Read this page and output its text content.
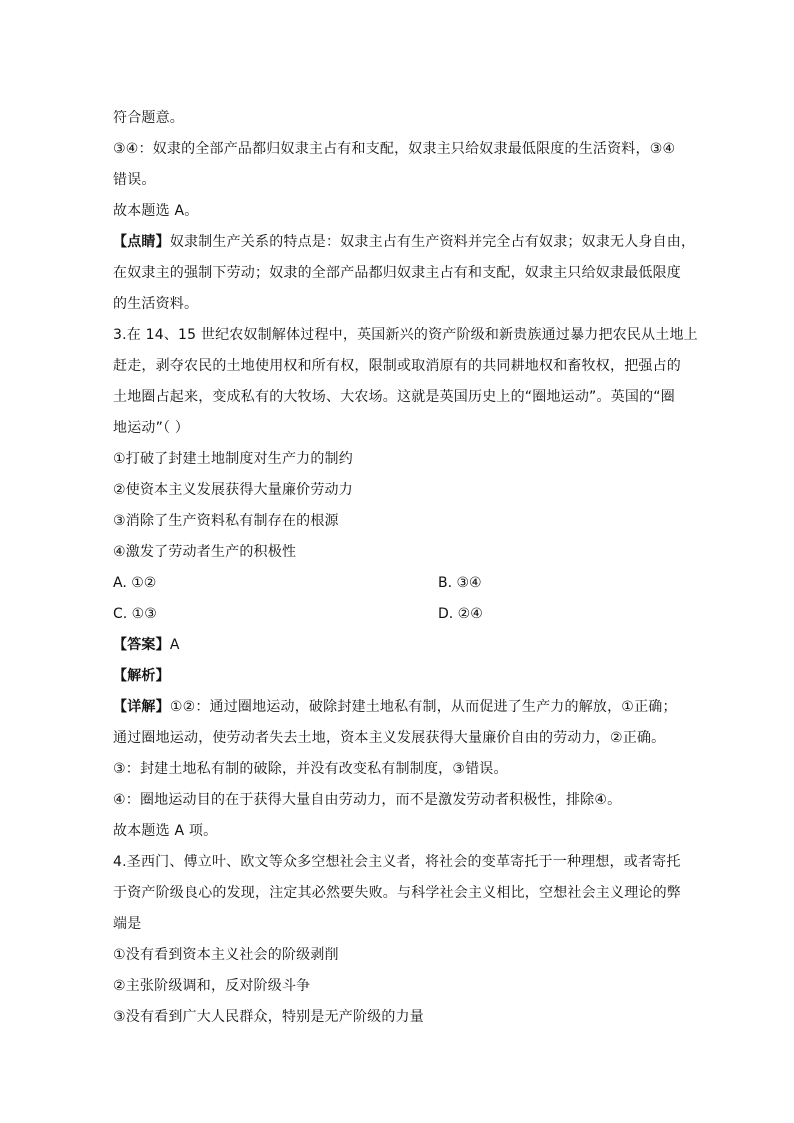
符合题意。
③④：奴隶的全部产品都归奴隶主占有和支配，奴隶主只给奴隶最低限度的生活资料，③④
错误。
故本题选 A。
【点睛】奴隶制生产关系的特点是：奴隶主占有生产资料并完全占有奴隶；奴隶无人身自由，
在奴隶主的强制下劳动；奴隶的全部产品都归奴隶主占有和支配，奴隶主只给奴隶最低限度
的生活资料。
3.在 14、15 世纪农奴制解体过程中，英国新兴的资产阶级和新贵族通过暴力把农民从土地上
赶走，剥夺农民的土地使用权和所有权，限制或取消原有的共同耕地权和畜牧权，把强占的
土地圈占起来，变成私有的大牧场、大农场。这就是英国历史上的“圈地运动”。英国的“圈
地运动”（ ）
①打破了封建土地制度对生产力的制约
②使资本主义发展获得大量廉价劳动力
③消除了生产资料私有制存在的根源
④激发了劳动者生产的积极性
A. ①②	B. ③④
C. ①③	D. ②④
【答案】A
【解析】
【详解】①②：通过圈地运动，破除封建土地私有制，从而促进了生产力的解放，①正确；
通过圈地运动，使劳动者失去土地，资本主义发展获得大量廉价自由的劳动力，②正确。
③：封建土地私有制的破除，并没有改变私有制制度，③错误。
④：圈地运动目的在于获得大量自由劳动力，而不是激发劳动者积极性，排除④。
故本题选 A 项。
4.圣西门、傅立叶、欧文等众多空想社会主义者，将社会的变革寄托于一种理想，或者寄托
于资产阶级良心的发现，注定其必然要失败。与科学社会主义相比，空想社会主义理论的弊
端是
①没有看到资本主义社会的阶级剥削
②主张阶级调和，反对阶级斗争
③没有看到广大人民群众，特别是无产阶级的力量
